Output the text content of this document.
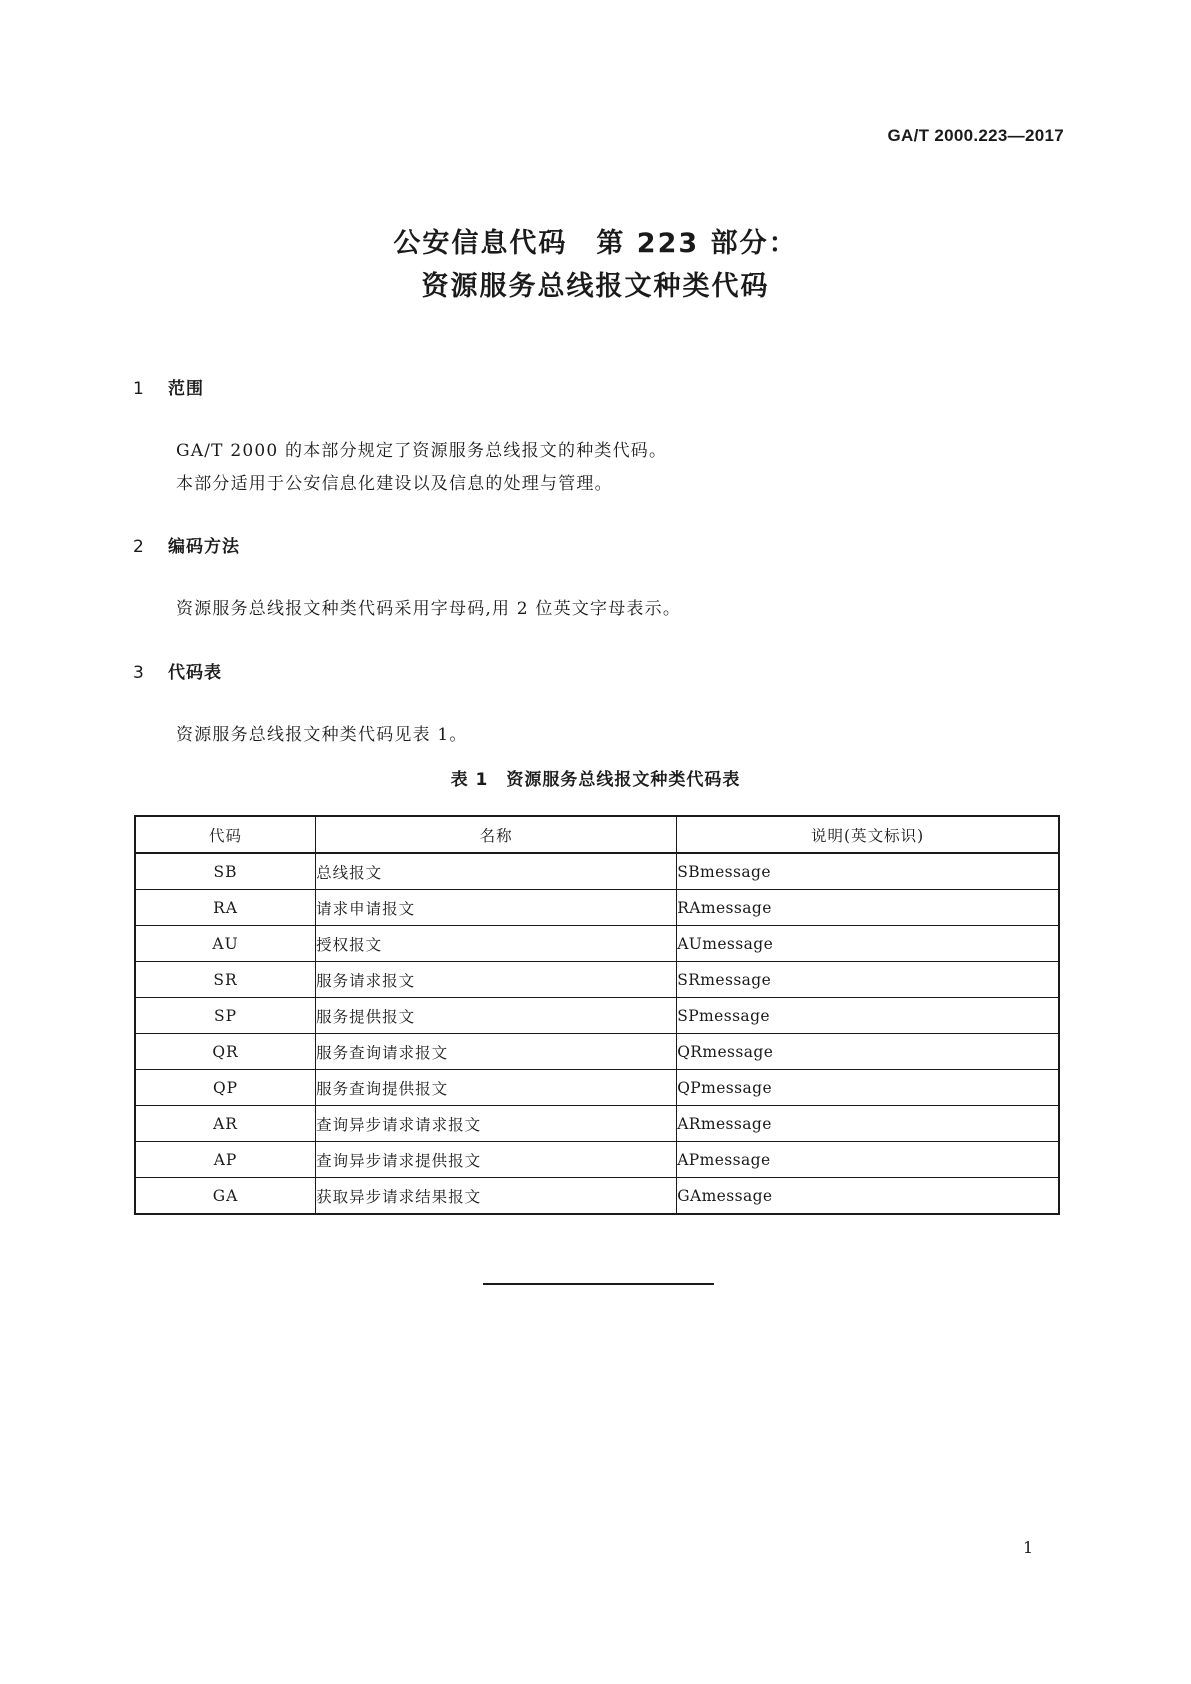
GA/T 2000.223—2017
公安信息代码　第 223 部分：
资源服务总线报文种类代码
1 范围
GA/T 2000 的本部分规定了资源服务总线报文的种类代码。
本部分适用于公安信息化建设以及信息的处理与管理。
2 编码方法
资源服务总线报文种类代码采用字母码,用 2 位英文字母表示。
3 代码表
资源服务总线报文种类代码见表 1。
表 1　资源服务总线报文种类代码表
代码	名称	说明(英文标识)
SB	总线报文	SBmessage
RA	请求申请报文	RAmessage
AU	授权报文	AUmessage
SR	服务请求报文	SRmessage
SP	服务提供报文	SPmessage
QR	服务查询请求报文	QRmessage
QP	服务查询提供报文	QPmessage
AR	查询异步请求请求报文	ARmessage
AP	查询异步请求提供报文	APmessage
GA	获取异步请求结果报文	GAmessage
1
